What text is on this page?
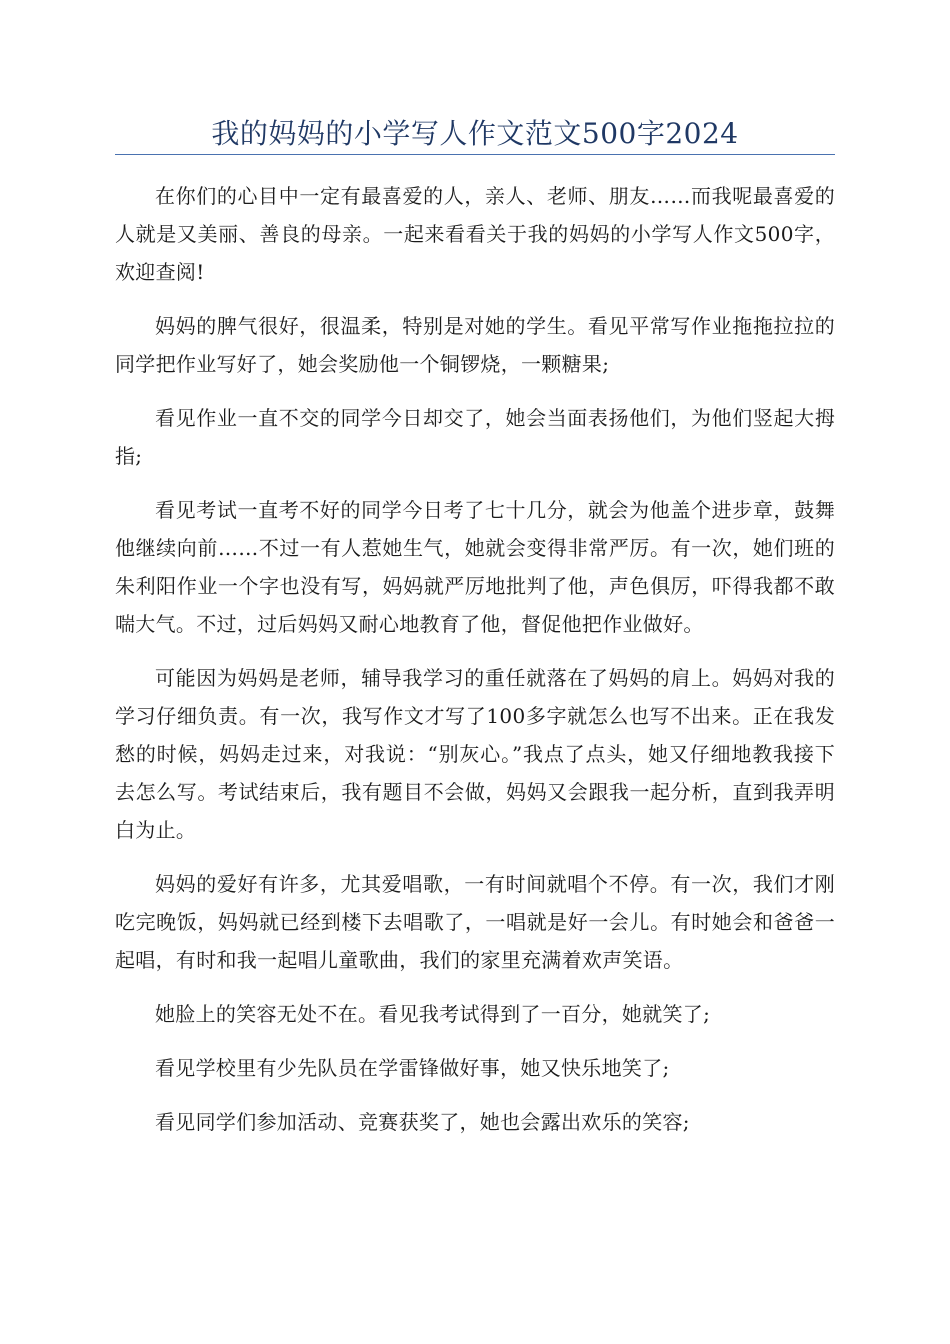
我的妈妈的小学写人作文范文500字2024

在你们的心目中一定有最喜爱的人，亲人、老师、朋友……而我呢最喜爱的人就是又美丽、善良的母亲。一起来看看关于我的妈妈的小学写人作文500字，欢迎查阅!

妈妈的脾气很好，很温柔，特别是对她的学生。看见平常写作业拖拖拉拉的同学把作业写好了，她会奖励他一个铜锣烧，一颗糖果;

看见作业一直不交的同学今日却交了，她会当面表扬他们，为他们竖起大拇指;

看见考试一直考不好的同学今日考了七十几分，就会为他盖个进步章，鼓舞他继续向前……不过一有人惹她生气，她就会变得非常严厉。有一次，她们班的朱利阳作业一个字也没有写，妈妈就严厉地批判了他，声色俱厉，吓得我都不敢喘大气。不过，过后妈妈又耐心地教育了他，督促他把作业做好。

可能因为妈妈是老师，辅导我学习的重任就落在了妈妈的肩上。妈妈对我的学习仔细负责。有一次，我写作文才写了100多字就怎么也写不出来。正在我发愁的时候，妈妈走过来，对我说：“别灰心。”我点了点头，她又仔细地教我接下去怎么写。考试结束后，我有题目不会做，妈妈又会跟我一起分析，直到我弄明白为止。

妈妈的爱好有许多，尤其爱唱歌，一有时间就唱个不停。有一次，我们才刚吃完晚饭，妈妈就已经到楼下去唱歌了，一唱就是好一会儿。有时她会和爸爸一起唱，有时和我一起唱儿童歌曲，我们的家里充满着欢声笑语。

她脸上的笑容无处不在。看见我考试得到了一百分，她就笑了;

看见学校里有少先队员在学雷锋做好事，她又快乐地笑了;

看见同学们参加活动、竞赛获奖了，她也会露出欢乐的笑容;
